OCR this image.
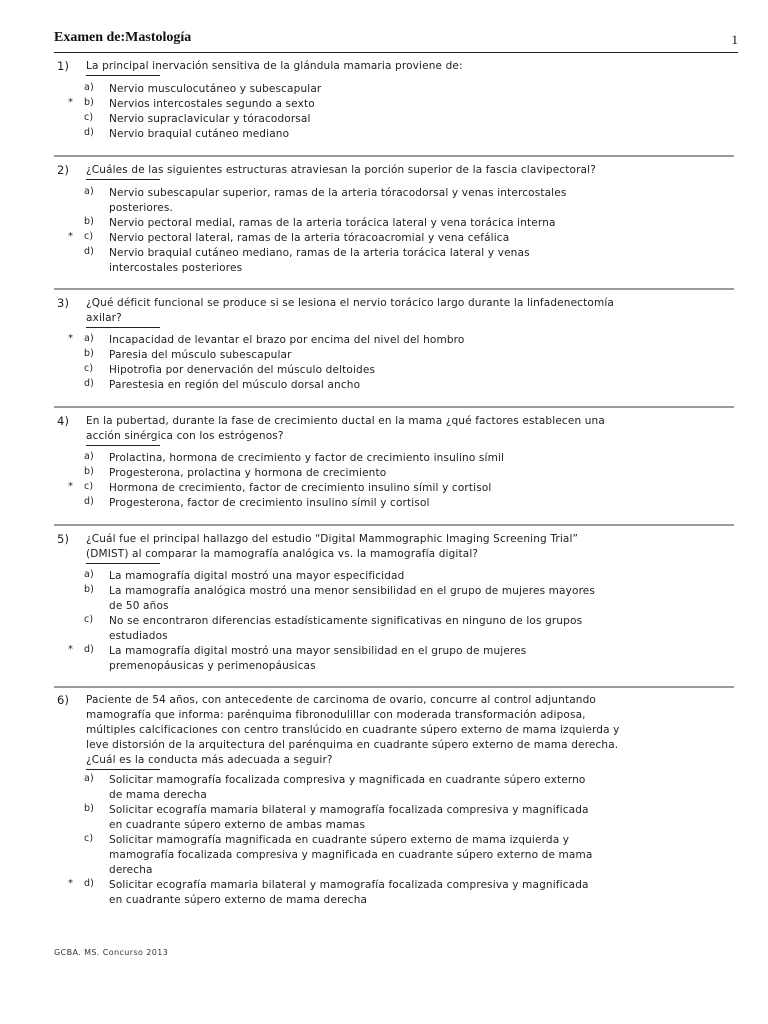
Examen de:Mastología	1
1) La principal inervación sensitiva de la glándula mamaria proviene de:
a) Nervio musculocutáneo y subescapular
* b) Nervios intercostales segundo a sexto
c) Nervio supraclavicular y tóracodorsal
d) Nervio braquial cutáneo mediano
2) ¿Cuáles de las siguientes estructuras atraviesan la porción superior de la fascia clavipectoral?
a) Nervio subescapular superior, ramas de la arteria tóracodorsal y venas intercostales
posteriores.
b) Nervio pectoral medial, ramas de la arteria torácica lateral y vena torácica interna
* c) Nervio pectoral lateral, ramas de la arteria tóracoacromial y vena cefálica
d) Nervio braquial cutáneo mediano, ramas de la arteria torácica lateral y venas
intercostales posteriores
3) ¿Qué déficit funcional se produce si se lesiona el nervio torácico largo durante la linfadenectomía
axilar?
* a) Incapacidad de levantar el brazo por encima del nivel del hombro
b) Paresia del músculo subescapular
c) Hipotrofia por denervación del músculo deltoides
d) Parestesia en región del músculo dorsal ancho
4) En la pubertad, durante la fase de crecimiento ductal en la mama ¿qué factores establecen una
acción sinérgica con los estrógenos?
a) Prolactina, hormona de crecimiento y factor de crecimiento insulino símil
b) Progesterona, prolactina y hormona de crecimiento
* c) Hormona de crecimiento, factor de crecimiento insulino símil y cortisol
d) Progesterona, factor de crecimiento insulino símil y cortisol
5) ¿Cuál fue el principal hallazgo del estudio “Digital Mammographic Imaging Screening Trial”
(DMIST) al comparar la mamografía analógica vs. la mamografía digital?
a) La mamografía digital mostró una mayor especificidad
b) La mamografía analógica mostró una menor sensibilidad en el grupo de mujeres mayores
de 50 años
c) No se encontraron diferencias estadísticamente significativas en ninguno de los grupos
estudiados
* d) La mamografía digital mostró una mayor sensibilidad en el grupo de mujeres
premenopáusicas y perimenopáusicas
6) Paciente de 54 años, con antecedente de carcinoma de ovario, concurre al control adjuntando
mamografía que informa: parénquima fibronodulillar con moderada transformación adiposa,
múltiples calcificaciones con centro translúcido en cuadrante súpero externo de mama izquierda y
leve distorsión de la arquitectura del parénquima en cuadrante súpero externo de mama derecha.
¿Cuál es la conducta más adecuada a seguir?
a) Solicitar mamografía focalizada compresiva y magnificada en cuadrante súpero externo
de mama derecha
b) Solicitar ecografía mamaria bilateral y mamografía focalizada compresiva y magnificada
en cuadrante súpero externo de ambas mamas
c) Solicitar mamografía magnificada en cuadrante súpero externo de mama izquierda y
mamografía focalizada compresiva y magnificada en cuadrante súpero externo de mama
derecha
* d) Solicitar ecografía mamaria bilateral y mamografía focalizada compresiva y magnificada
en cuadrante súpero externo de mama derecha
GCBA. MS. Concurso 2013
